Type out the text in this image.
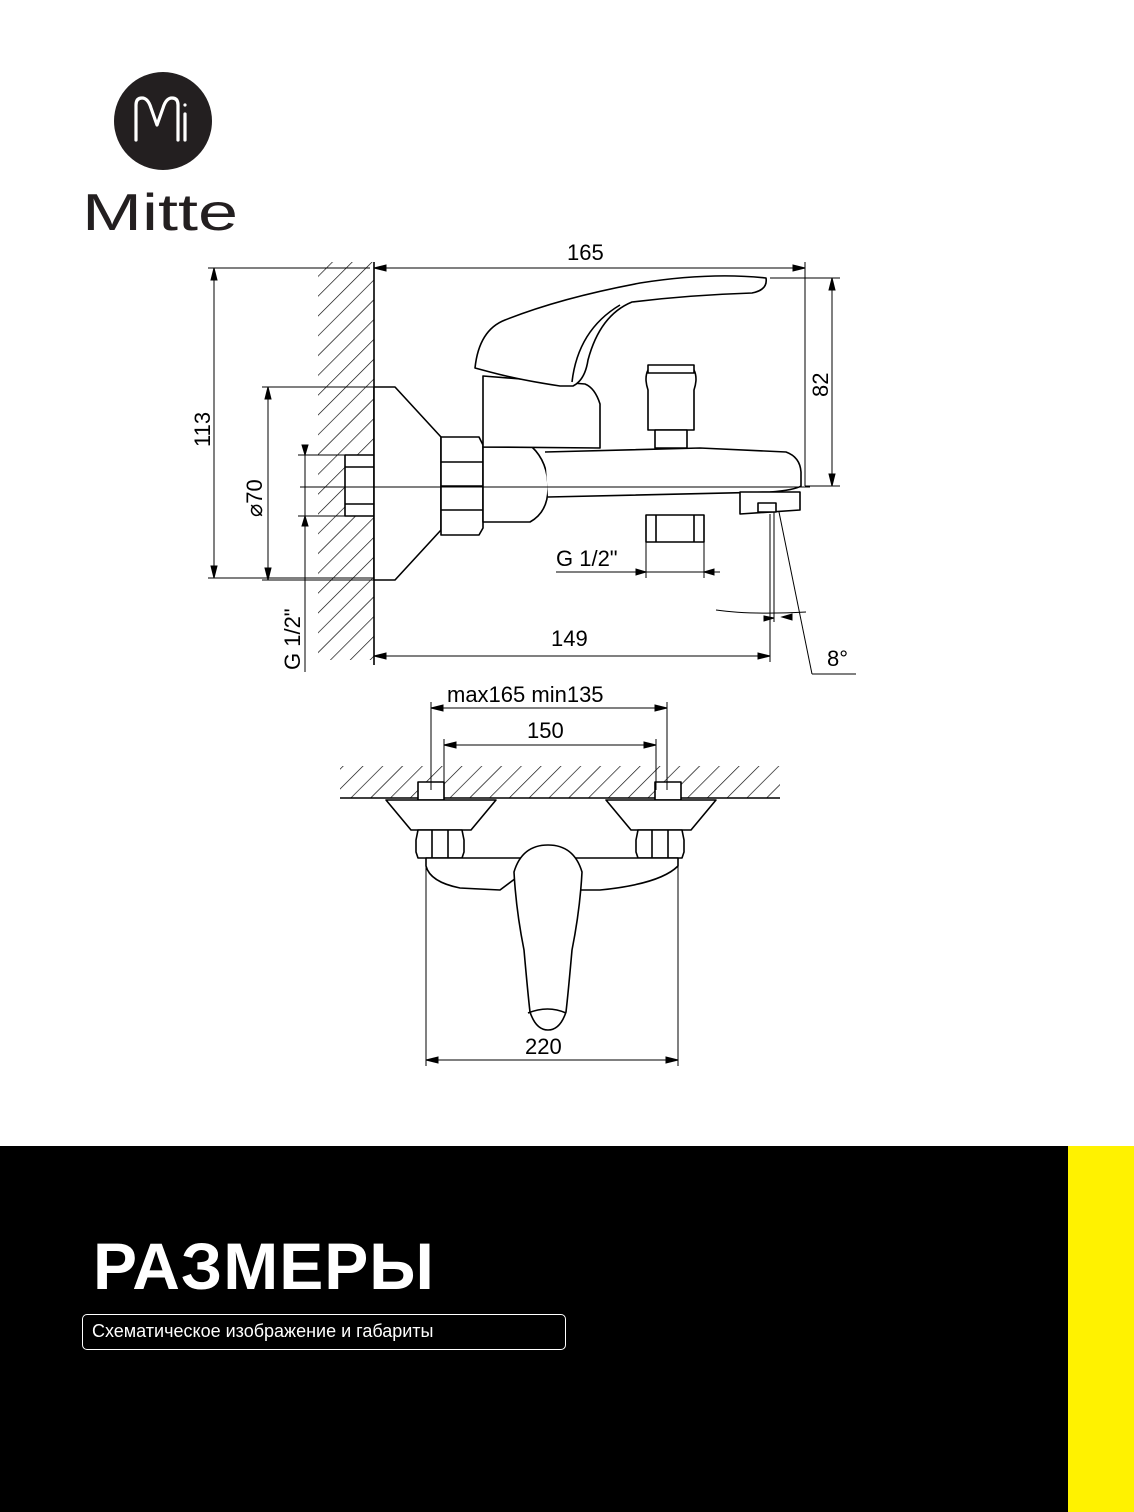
Mitte
165
82
113
⌀70
G 1/2"
G 1/2"
149
8°
max165 min135
150
220
РАЗМЕРЫ
Схематическое изображение и габариты
